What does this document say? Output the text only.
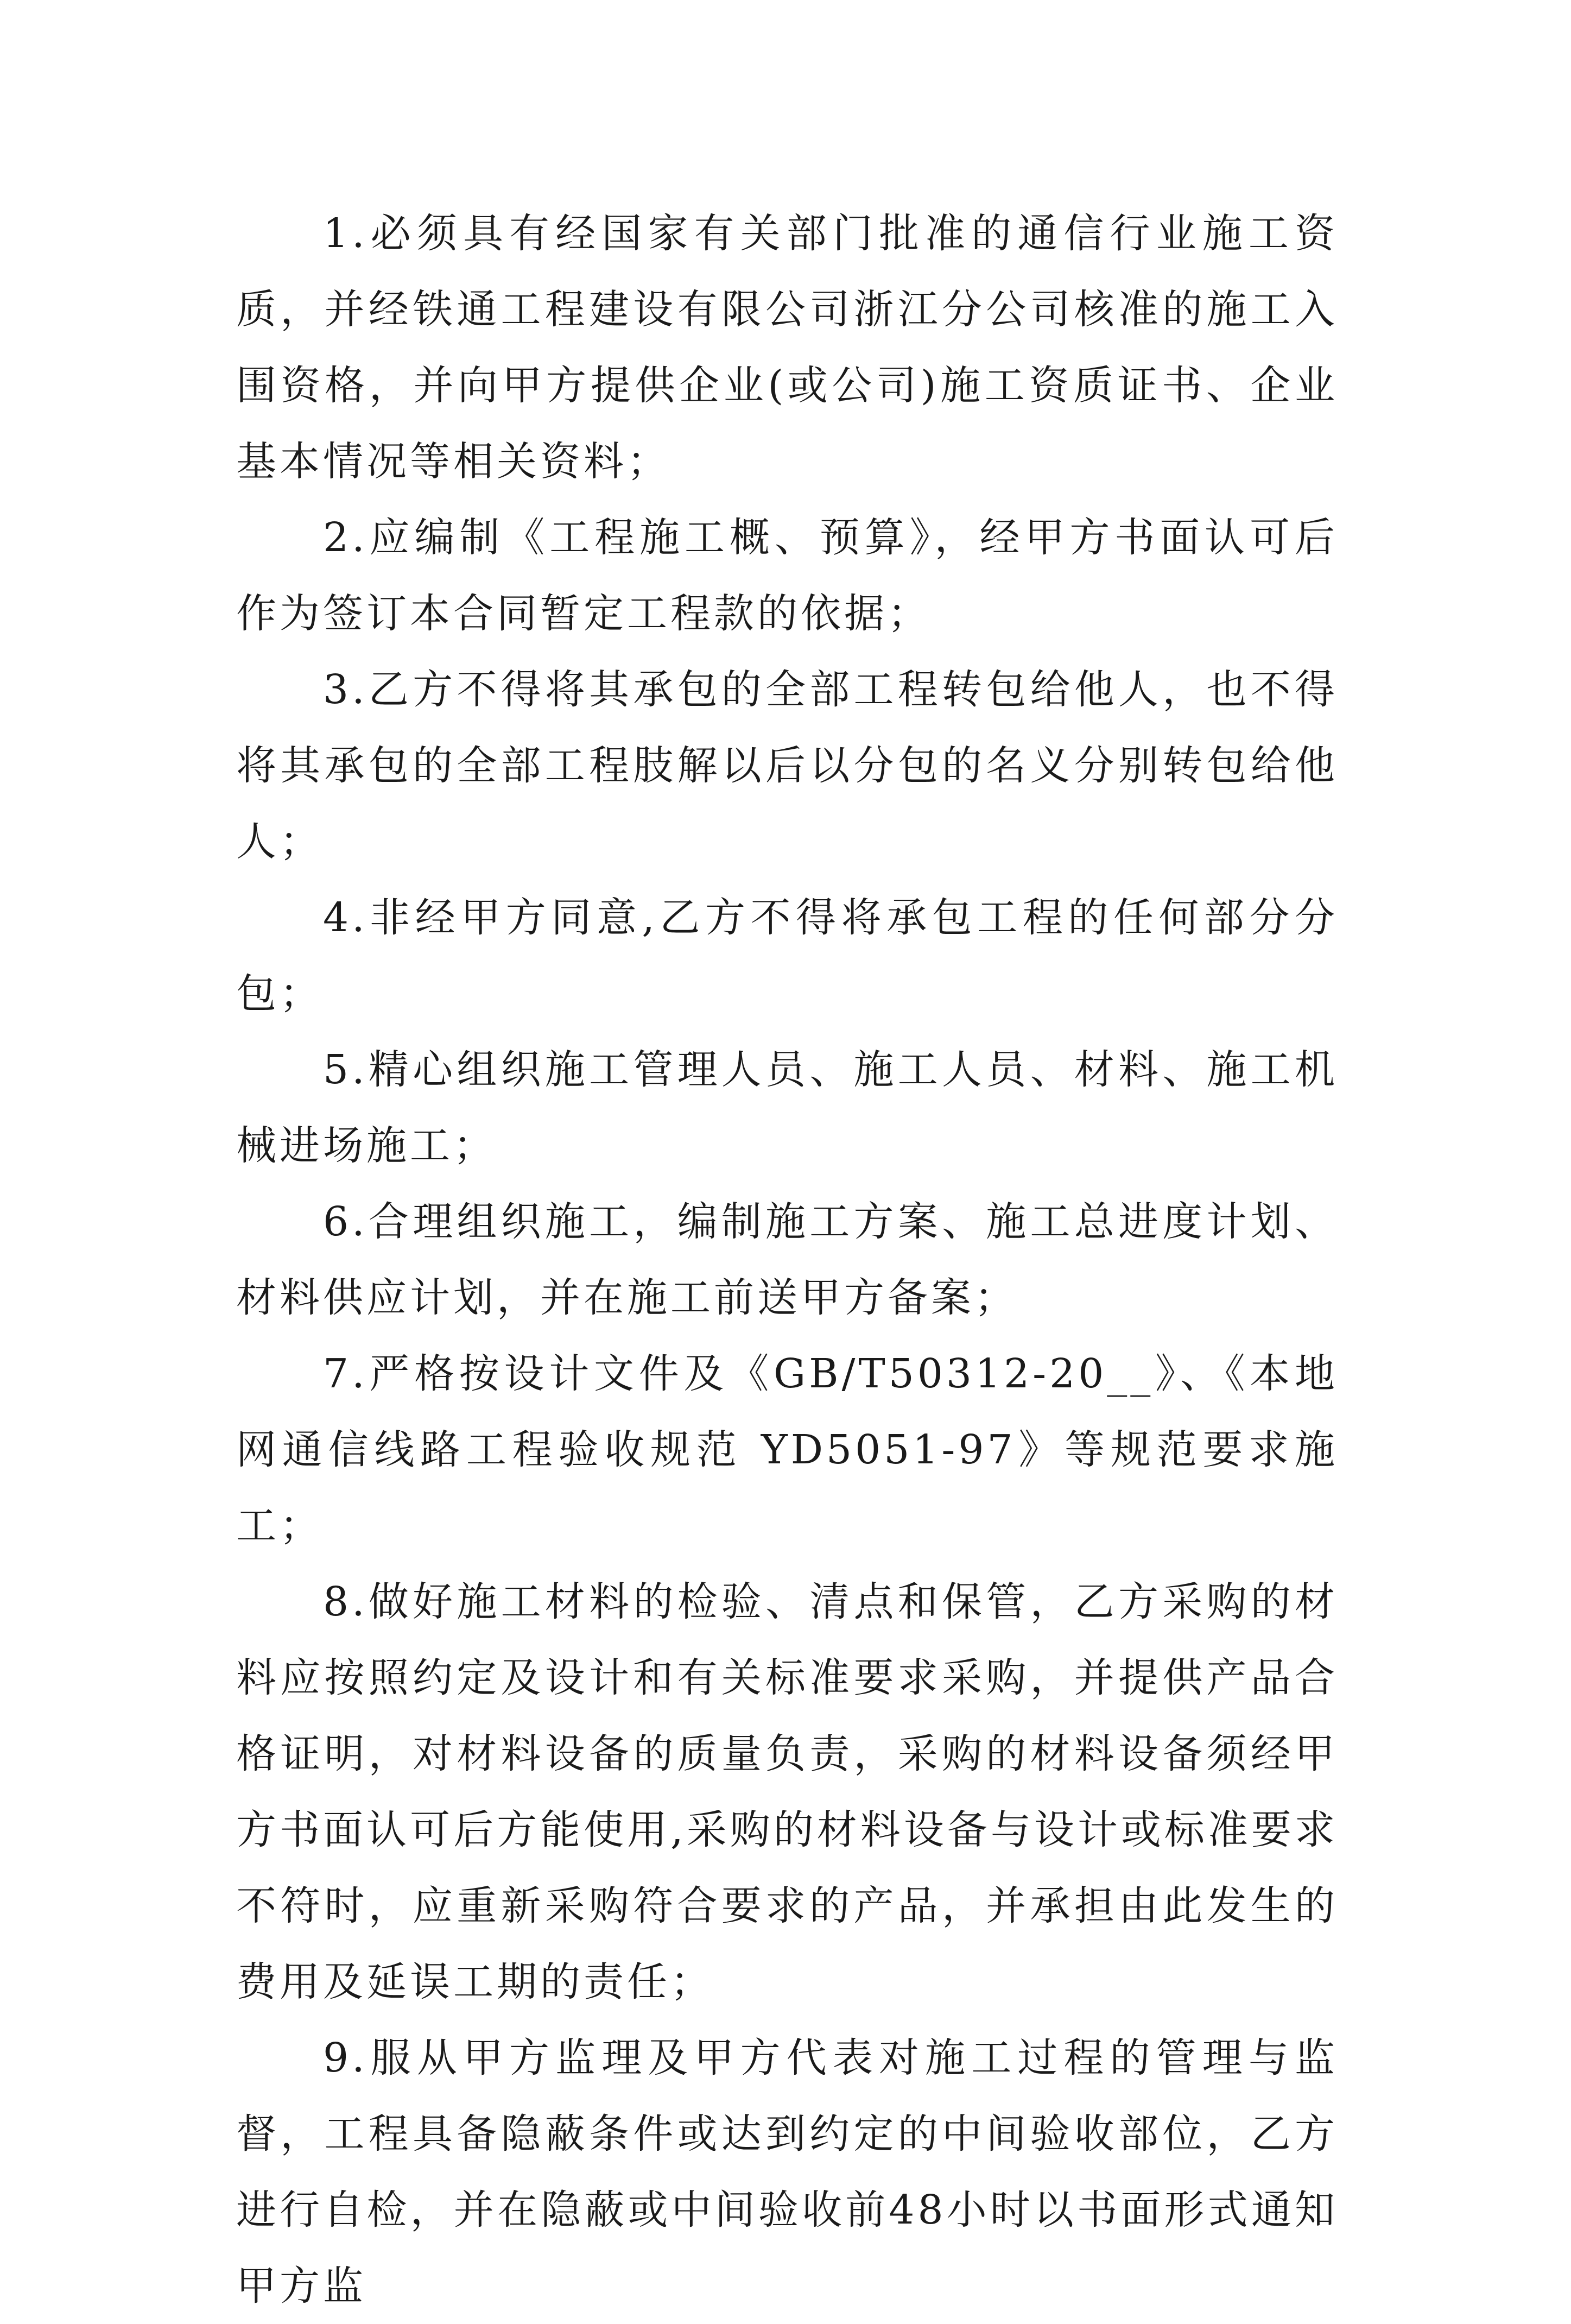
1.必须具有经国家有关部门批准的通信行业施工资质，并经铁通工程建设有限公司浙江分公司核准的施工入围资格，并向甲方提供企业(或公司)施工资质证书、企业基本情况等相关资料；

2.应编制《工程施工概、预算》，经甲方书面认可后作为签订本合同暂定工程款的依据；

3.乙方不得将其承包的全部工程转包给他人，也不得将其承包的全部工程肢解以后以分包的名义分别转包给他人；

4.非经甲方同意,乙方不得将承包工程的任何部分分包；

5.精心组织施工管理人员、施工人员、材料、施工机械进场施工；

6.合理组织施工，编制施工方案、施工总进度计划、材料供应计划，并在施工前送甲方备案；

7.严格按设计文件及《GB/T50312-20__》、《本地网通信线路工程验收规范 YD5051-97》等规范要求施工；

8.做好施工材料的检验、清点和保管，乙方采购的材料应按照约定及设计和有关标准要求采购，并提供产品合格证明，对材料设备的质量负责，采购的材料设备须经甲方书面认可后方能使用,采购的材料设备与设计或标准要求不符时，应重新采购符合要求的产品，并承担由此发生的费用及延误工期的责任；

9.服从甲方监理及甲方代表对施工过程的管理与监督，工程具备隐蔽条件或达到约定的中间验收部位，乙方进行自检，并在隐蔽或中间验收前48小时以书面形式通知甲方监
